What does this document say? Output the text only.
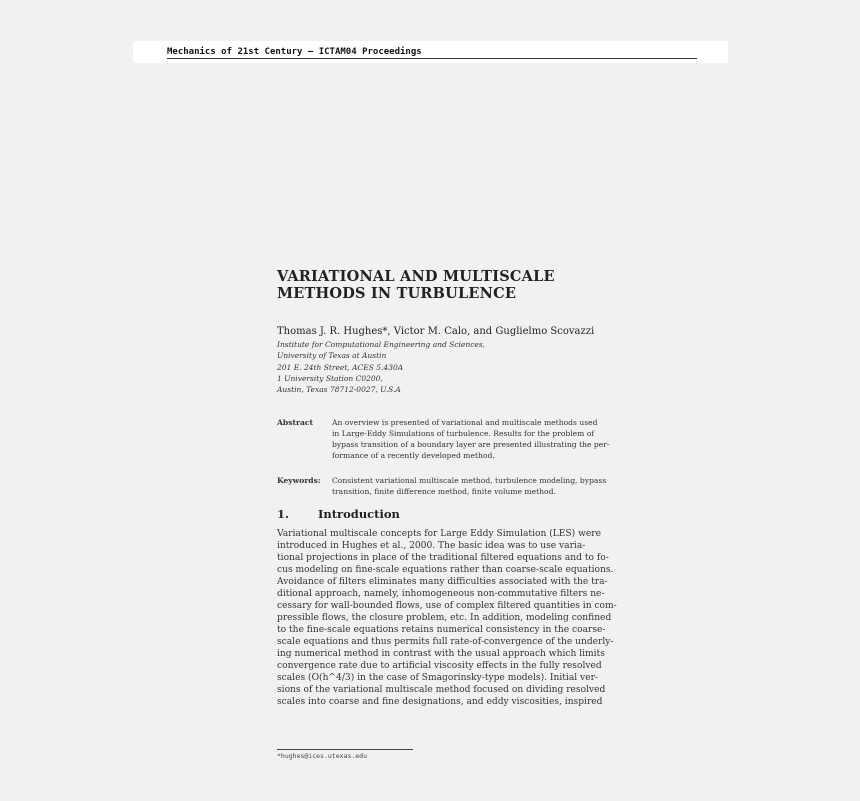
Mechanics of 21st Century – ICTAM04 Proceedings
VARIATIONAL AND MULTISCALE
METHODS IN TURBULENCE
Thomas J. R. Hughes*, Victor M. Calo, and Guglielmo Scovazzi
Institute for Computational Engineering and Sciences,
University of Texas at Austin
201 E. 24th Street, ACES 5.430A
1 University Station C0200,
Austin, Texas 78712-0027, U.S.A
Abstract An overview is presented of variational and multiscale methods used
in Large-Eddy Simulations of turbulence. Results for the problem of
bypass transition of a boundary layer are presented illustrating the per-
formance of a recently developed method.
Keywords: Consistent variational multiscale method, turbulence modeling, bypass
transition, finite difference method, finite volume method.
1.	Introduction
Variational multiscale concepts for Large Eddy Simulation (LES) were
introduced in Hughes et al., 2000. The basic idea was to use varia-
tional projections in place of the traditional filtered equations and to fo-
cus modeling on fine-scale equations rather than coarse-scale equations.
Avoidance of filters eliminates many difficulties associated with the tra-
ditional approach, namely, inhomogeneous non-commutative filters ne-
cessary for wall-bounded flows, use of complex filtered quantities in com-
pressible flows, the closure problem, etc. In addition, modeling confined
to the fine-scale equations retains numerical consistency in the coarse-
scale equations and thus permits full rate-of-convergence of the underly-
ing numerical method in contrast with the usual approach which limits
convergence rate due to artificial viscosity effects in the fully resolved
scales (O(h^4/3) in the case of Smagorinsky-type models). Initial ver-
sions of the variational multiscale method focused on dividing resolved
scales into coarse and fine designations, and eddy viscosities, inspired
*hughes@ices.utexas.edu
